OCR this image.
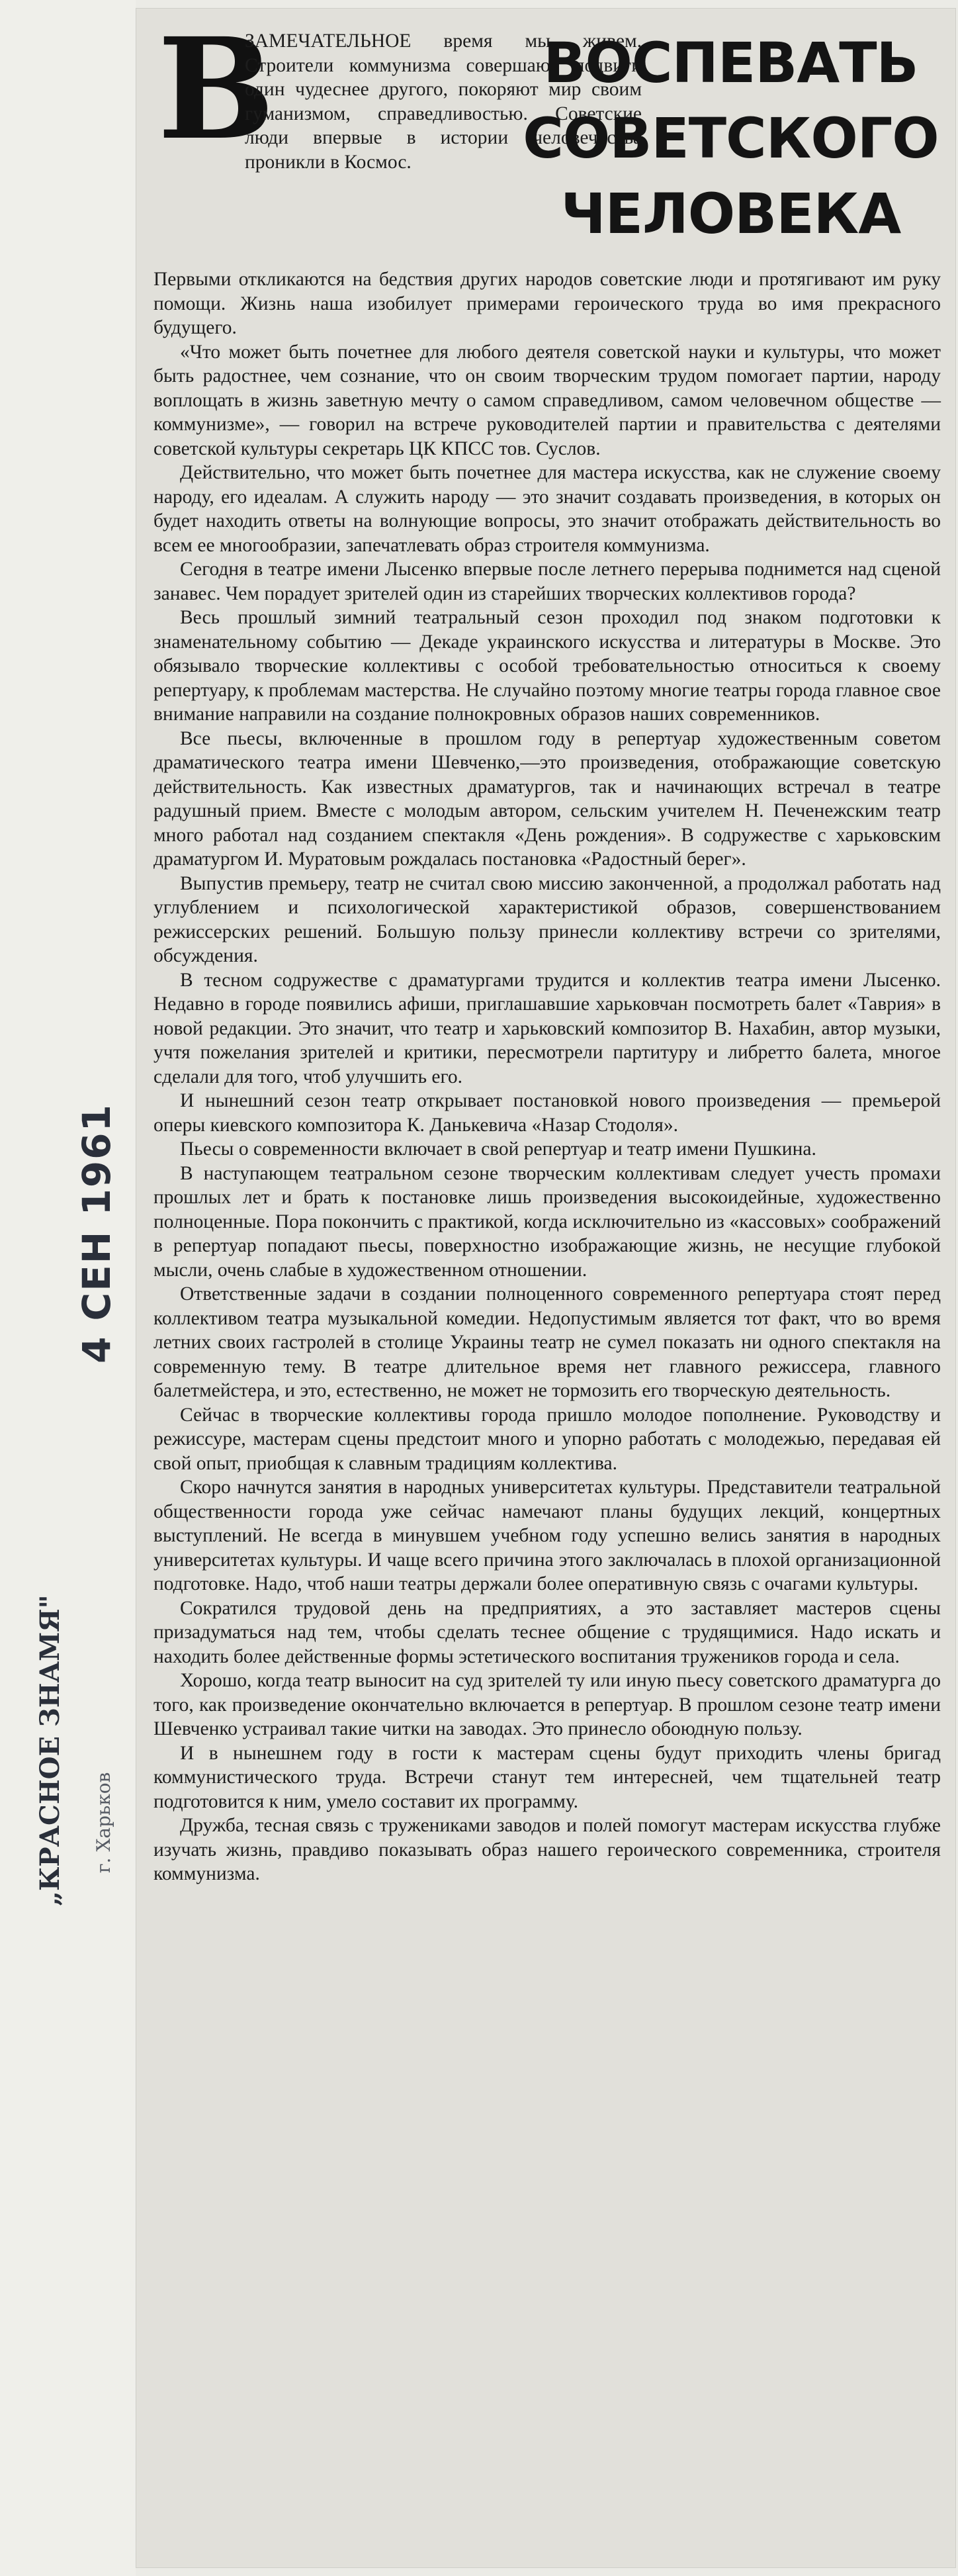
4 СЕН 1961
г. Харьков
„КРАСНОЕ ЗНАМЯ"
В
ЗАМЕЧАТЕЛЬНОЕ время мы живем. Строители коммунизма совершают подвиги один чудеснее другого, покоряют мир своим гуманизмом, справедливостью. Советские люди впервые в истории человечества проникли в Космос.
ВОСПЕВАТЬ
СОВЕТСКОГО
ЧЕЛОВЕКА

Первыми откликаются на бедствия других народов советские люди и протягивают им руку помощи. Жизнь наша изобилует примерами героического труда во имя прекрасного будущего.

«Что может быть почетнее для любого деятеля советской науки и культуры, что может быть радостнее, чем сознание, что он своим творческим трудом помогает партии, народу воплощать в жизнь заветную мечту о самом справедливом, самом человечном обществе — коммунизме», — говорил на встрече руководителей партии и правительства с деятелями советской культуры секретарь ЦК КПСС тов. Суслов.

Действительно, что может быть почетнее для мастера искусства, как не служение своему народу, его идеалам. А служить народу — это значит создавать произведения, в которых он будет находить ответы на волнующие вопросы, это значит отображать действительность во всем ее многообразии, запечатлевать образ строителя коммунизма.

Сегодня в театре имени Лысенко впервые после летнего перерыва поднимется над сценой занавес. Чем порадует зрителей один из старейших творческих коллективов города?

Весь прошлый зимний театральный сезон проходил под знаком подготовки к знаменательному событию — Декаде украинского искусства и литературы в Москве. Это обязывало творческие коллективы с особой требовательностью относиться к своему репертуару, к проблемам мастерства. Не случайно поэтому многие театры города главное свое внимание направили на создание полнокровных образов наших современников.

Все пьесы, включенные в прошлом году в репертуар художественным советом драматического театра имени Шевченко,—это произведения, отображающие советскую действительность. Как известных драматургов, так и начинающих встречал в театре радушный прием. Вместе с молодым автором, сельским учителем Н. Печенежским театр много работал над созданием спектакля «День рождения». В содружестве с харьковским драматургом И. Муратовым рождалась постановка «Радостный берег».

Выпустив премьеру, театр не считал свою миссию законченной, а продолжал работать над углублением и психологической характеристикой образов, совершенствованием режиссерских решений. Большую пользу принесли коллективу встречи со зрителями, обсуждения.

В тесном содружестве с драматургами трудится и коллектив театра имени Лысенко. Недавно в городе появились афиши, приглашавшие харьковчан посмотреть балет «Таврия» в новой редакции. Это значит, что театр и харьковский композитор В. Нахабин, автор музыки, учтя пожелания зрителей и критики, пересмотрели партитуру и либретто балета, многое сделали для того, чтоб улучшить его.

И нынешний сезон театр открывает постановкой нового произведения — премьерой оперы киевского композитора К. Данькевича «Назар Стодоля».

Пьесы о современности включает в свой репертуар и театр имени Пушкина.

В наступающем театральном сезоне творческим коллективам следует учесть промахи прошлых лет и брать к постановке лишь произведения высокоидейные, художественно полноценные. Пора покончить с практикой, когда исключительно из «кассовых» соображений в репертуар попадают пьесы, поверхностно изображающие жизнь, не несущие глубокой мысли, очень слабые в художественном отношении.

Ответственные задачи в создании полноценного современного репертуара стоят перед коллективом театра музыкальной комедии. Недопустимым является тот факт, что во время летних своих гастролей в столице Украины театр не сумел показать ни одного спектакля на современную тему. В театре длительное время нет главного режиссера, главного балетмейстера, и это, естественно, не может не тормозить его творческую деятельность.

Сейчас в творческие коллективы города пришло молодое пополнение. Руководству и режиссуре, мастерам сцены предстоит много и упорно работать с молодежью, передавая ей свой опыт, приобщая к славным традициям коллектива.

Скоро начнутся занятия в народных университетах культуры. Представители театральной общественности города уже сейчас намечают планы будущих лекций, концертных выступлений. Не всегда в минувшем учебном году успешно велись занятия в народных университетах культуры. И чаще всего причина этого заключалась в плохой организационной подготовке. Надо, чтоб наши театры держали более оперативную связь с очагами культуры.

Сократился трудовой день на предприятиях, а это заставляет мастеров сцены призадуматься над тем, чтобы сделать теснее общение с трудящимися. Надо искать и находить более действенные формы эстетического воспитания тружеников города и села.

Хорошо, когда театр выносит на суд зрителей ту или иную пьесу советского драматурга до того, как произведение окончательно включается в репертуар. В прошлом сезоне театр имени Шевченко устраивал такие читки на заводах. Это принесло обоюдную пользу.

И в нынешнем году в гости к мастерам сцены будут приходить члены бригад коммунистического труда. Встречи станут тем интересней, чем тщательней театр подготовится к ним, умело составит их программу.

Дружба, тесная связь с тружениками заводов и полей помогут мастерам искусства глубже изучать жизнь, правдиво показывать образ нашего героического современника, строителя коммунизма.
